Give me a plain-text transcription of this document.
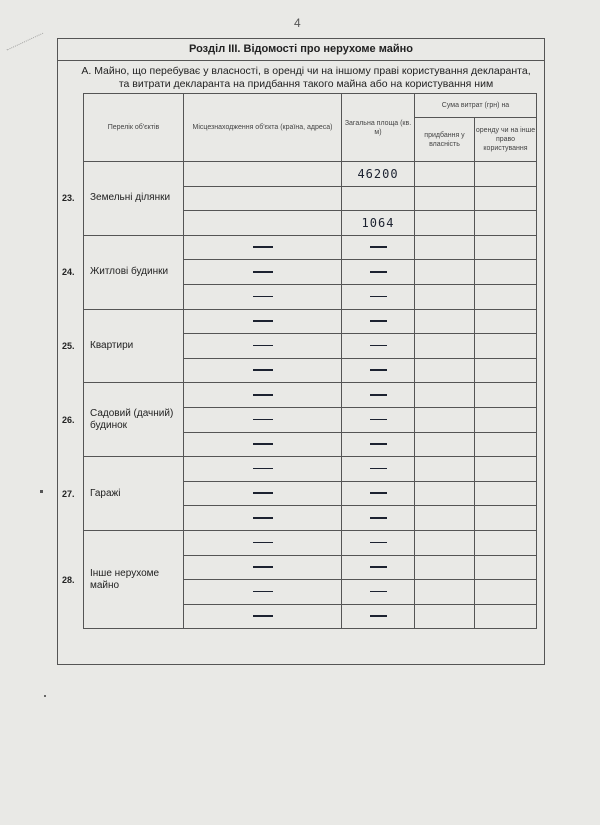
4
Розділ ІІІ. Відомості про нерухоме майно
А. Майно, що перебуває у власності, в оренді чи на іншому праві користування декларанта,
та витрати декларанта на придбання такого майна або на користування ним
Перелік об'єктів	Місцезнаходження об'єкта (країна, адреса)	Загальна площа (кв. м)	Сума витрат (грн) на	
			придбання у власність	оренду чи на інше право користування

23. Земельні ділянки		46200		

		1064		

24. Житлові будинки				

25. Квартири				

26.
Садовий (дачний) будинок				

27. Гаражі				

28.
Інше нерухоме майно				
